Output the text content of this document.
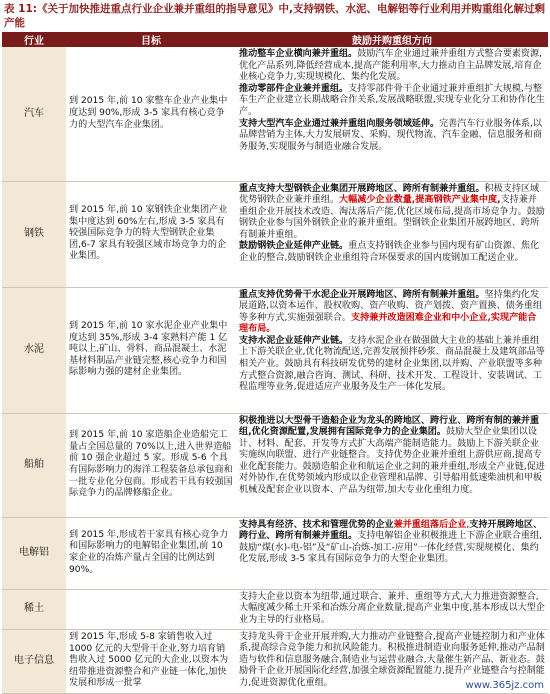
表 11:《关于加快推进重点行业企业兼并重组的指导意见》中,支持钢铁、水泥、电解铝等行业利用并购重组化解过剩产能
行业	目标	鼓励并购重组方向
汽车	到 2015 年,前 10 家整车企业产业集中度达到 90%,形成 3-5 家具有核心竞争力的大型汽车企业集团。	推动整车企业横向兼并重组。鼓励汽车企业通过兼并重组方式整合要素资源,优化产品系列,降低经营成本,提高产能利用率,大力推动自主品牌发展,培育企业核心竞争力,实现规模化、集约化发展。
推动零部件企业兼并重组。支持零部件骨干企业通过兼并重组扩大规模,与整车生产企业建立长期战略合作关系,发展战略联盟,实现专业化分工和协作化生产。
支持大型汽车企业通过兼并重组向服务领域延伸。完善汽车行业服务体系,以品牌营销为主体,大力发展研发、采购、现代物流、汽车金融、信息服务和商务服务,实现服务与制造业融合发展。

钢铁	到 2015 年,前 10 家钢铁企业集团产业集中度达到 60%左右,形成 3-5 家具有较强国际竞争力的特大型钢铁企业集团,6-7 家具有较强区域市场竞争力的企业集团。	重点支持大型钢铁企业集团开展跨地区、跨所有制兼并重组。积极支持区域优势钢铁企业兼并重组。大幅减少企业数量,提高钢铁产业集中度,支持兼并重组企业开展技术改造、淘汰落后产能,优化区域布局,提高市场竞争力。鼓励钢铁企业参与国外钢铁企业的兼并重组。型钢铁企业集团开展跨地区、跨所有制兼并重组。
鼓励钢铁企业延伸产业链。重点支持钢铁企业参与国内现有矿山资源、焦化企业的整合,鼓励钢铁企业重组符合环保要求的国内废钢加工配送企业。

水泥	到 2015 年,前 10 家水泥企业产业集中度达到 35%,形成 3-4 家熟料产能 1 亿吨以上,矿山、骨料、商品混凝土、水泥基材料制品产业链完整,核心竞争力和国际影响力强的建材企业集团。	重点支持优势骨干水泥企业开展跨地区、跨所有制兼并重组。坚持集约化发展道路,以资本运作、股权收购、资产收购、资产划拨、资产置换、债务重组等多种方式,实施强强联合。支持兼并改造困难企业和中小企业,实现产能合理布局。
支持水泥企业延伸产业链。支持水泥企业在做强做大主业的基础上兼并重组上下游关联企业,优化物流配送,完善发展预拌砂浆、商品混凝土及建筑部品等相关产业。鼓励具有科技研发优势的建材企业集团,以并购、产业联盟等多种方式整合资源,融合咨询、测试、科研、技术开发、工程设计、安装调试、工程监理等业务,促进适应产业服务及生产一体化发展。

船舶	到 2015 年,前 10 家造船企业造船完工量占全国总量的 70%以上,进入世界造船前 10 强企业超过 5 家。形成 5-6 个具有国际影响力的海洋工程装备总承包商和一批专业化分包商。形成若干具有较强国际竞争力的品牌修船企业。	积极推进以大型骨干造船企业为龙头的跨地区、跨行业、跨所有制的兼并重组,优化资源配置,发展拥有国际竞争力的企业集团。鼓励大型企业集团以设计、材料、配套、开发等方式扩大高端产能制造能力。鼓励上下游关联企业实施纵向联盟、进行产业链整合。支持优势企业兼并重组上游供应商,提高专业化配套能力。鼓励造船企业和航运企业之间的兼并重组,形成全产业链,促进对外协作,在优势领域内形成以企业管理和品牌、引导船用低速柴油机和甲板机械及配套企业以资本、产品为纽带,加大专业化重组力度。

电解铝	到 2015 年,形成若干家具有核心竞争力和国际影响力的电解铝企业集团,前 10 家企业的冶炼产量占全国的比例达到 90%。	支持具有经济、技术和管理优势的企业兼并重组落后企业,支持开展跨地区、跨行业、跨所有制兼并重组。支持电解铝企业积极推进上下游企业联合重组,鼓励“煤(水)-电-铝”及“矿山-冶炼-加工-应用”一体化经营,实现规模化、集约化发展,形成 3-5 家具有国际竞争力的大型企业集团。

稀土		支持大企业以资本为纽带,通过联合、兼并、重组等方式,大力推进资源整合,大幅度减少稀土开采和冶炼分离企业数量,提高产业集中度,基本形成以大型企业为主导的行业格局。

电子信息	到 2015 年,形成 5-8 家销售收入过 1000 亿元的大型骨干企业,努力培育销售收入过 5000 亿元的大企业,以资本为纽带推进资源整合和产业链一体化,加快发展和形成一批掌	支持龙头骨干企业开展并购,大力推动产业链整合,提高产业链控制力和产业体系,提高综合竞争能力和抗风险能力。积极推进制造业向服务延伸,推动产品制造与软件和信息服务融合,制造业与运营业融合,大量催生新产品、新业态。鼓励骨干企业开展国际化经营,加强全球资源配置能力,提升产业链整合与控制能力,促进资源优化重组。	www.365jz.com
